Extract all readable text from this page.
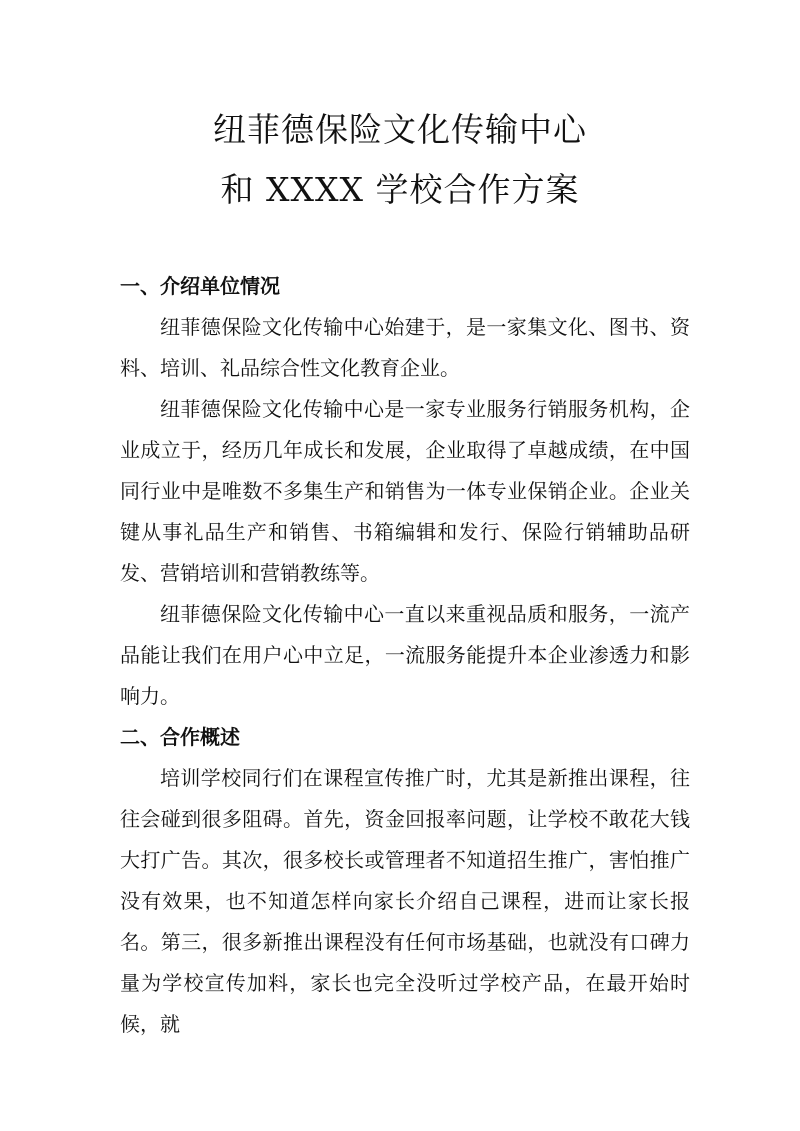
纽菲德保险文化传输中心
和 XXXX 学校合作方案
一、介绍单位情况
纽菲德保险文化传输中心始建于，是一家集文化、图书、资料、培训、礼品综合性文化教育企业。
纽菲德保险文化传输中心是一家专业服务行销服务机构，企业成立于，经历几年成长和发展，企业取得了卓越成绩，在中国同行业中是唯数不多集生产和销售为一体专业保销企业。企业关键从事礼品生产和销售、书箱编辑和发行、保险行销辅助品研发、营销培训和营销教练等。
纽菲德保险文化传输中心一直以来重视品质和服务，一流产品能让我们在用户心中立足，一流服务能提升本企业渗透力和影响力。
二、合作概述
培训学校同行们在课程宣传推广时，尤其是新推出课程，往往会碰到很多阻碍。首先，资金回报率问题，让学校不敢花大钱大打广告。其次，很多校长或管理者不知道招生推广，害怕推广没有效果，也不知道怎样向家长介绍自己课程，进而让家长报名。第三，很多新推出课程没有任何市场基础，也就没有口碑力量为学校宣传加料，家长也完全没听过学校产品，在最开始时候，就
